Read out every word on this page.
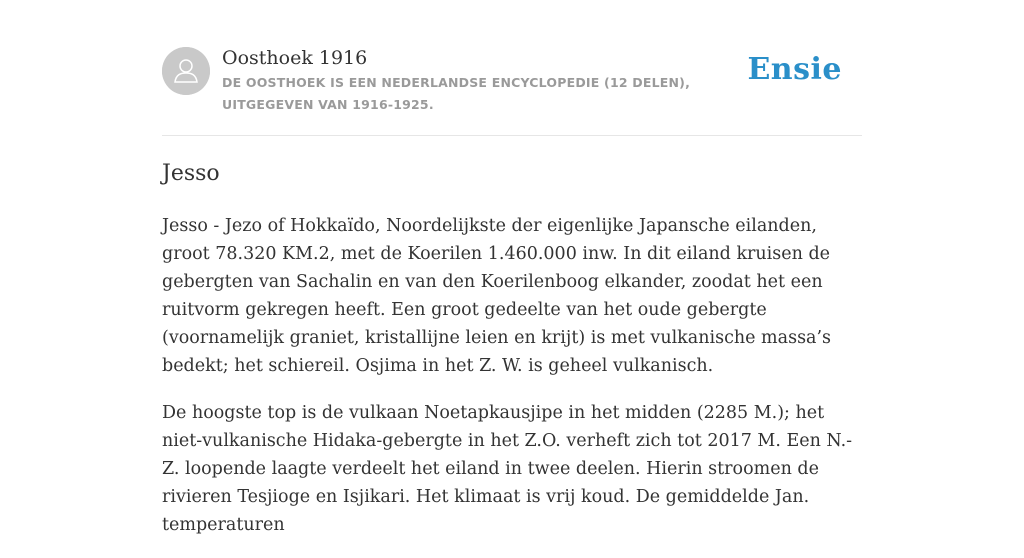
Oosthoek 1916
DE OOSTHOEK IS EEN NEDERLANDSE ENCYCLOPEDIE (12 DELEN), UITGEGEVEN VAN 1916-1925.
Ensie
Jesso

Jesso - Jezo of Hokkaïdo, Noordelijkste der eigenlijke Japansche eilanden, groot 78.320 KM.2, met de Koerilen 1.460.000 inw. In dit eiland kruisen de gebergten van Sachalin en van den Koerilenboog elkander, zoodat het een ruitvorm gekregen heeft. Een groot gedeelte van het oude gebergte (voornamelijk graniet, kristallijne leien en krijt) is met vulkanische massa’s bedekt; het schiereil. Osjima in het Z. W. is geheel vulkanisch.

De hoogste top is de vulkaan Noetapkausjipe in het midden (2285 M.); het niet-vulkanische Hidaka-gebergte in het Z.O. verheft zich tot 2017 M. Een N.-Z. loopende laagte verdeelt het eiland in twee deelen. Hierin stroomen de rivieren Tesjioge en Isjikari. Het klimaat is vrij koud. De gemiddelde Jan. temperaturen
